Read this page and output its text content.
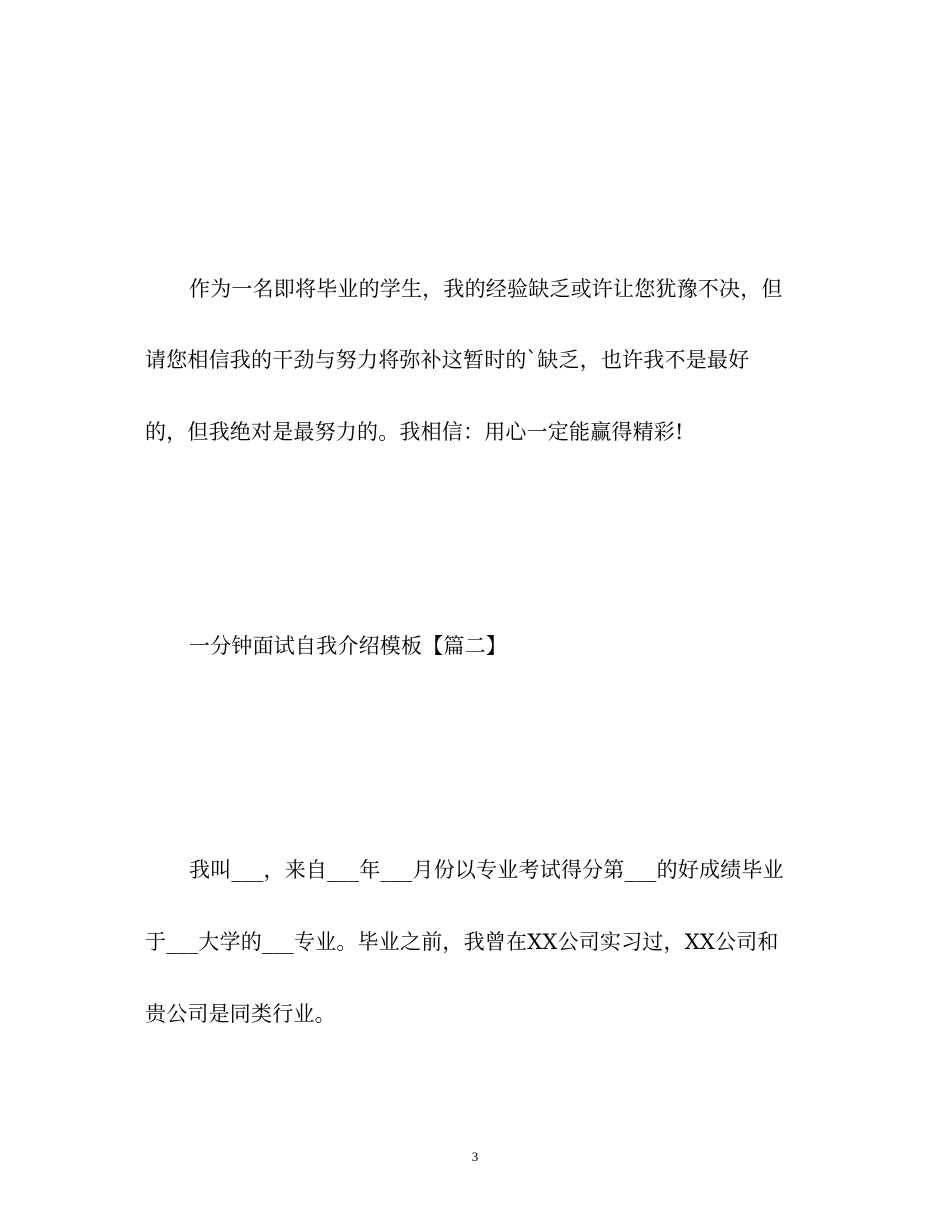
作为一名即将毕业的学生，我的经验缺乏或许让您犹豫不决，但
请您相信我的干劲与努力将弥补这暂时的`缺乏，也许我不是最好
的，但我绝对是最努力的。我相信：用心一定能赢得精彩!
一分钟面试自我介绍模板【篇二】
我叫___，来自___年___月份以专业考试得分第___的好成绩毕业
于___大学的___专业。毕业之前，我曾在XX公司实习过，XX公司和
贵公司是同类行业。
3
